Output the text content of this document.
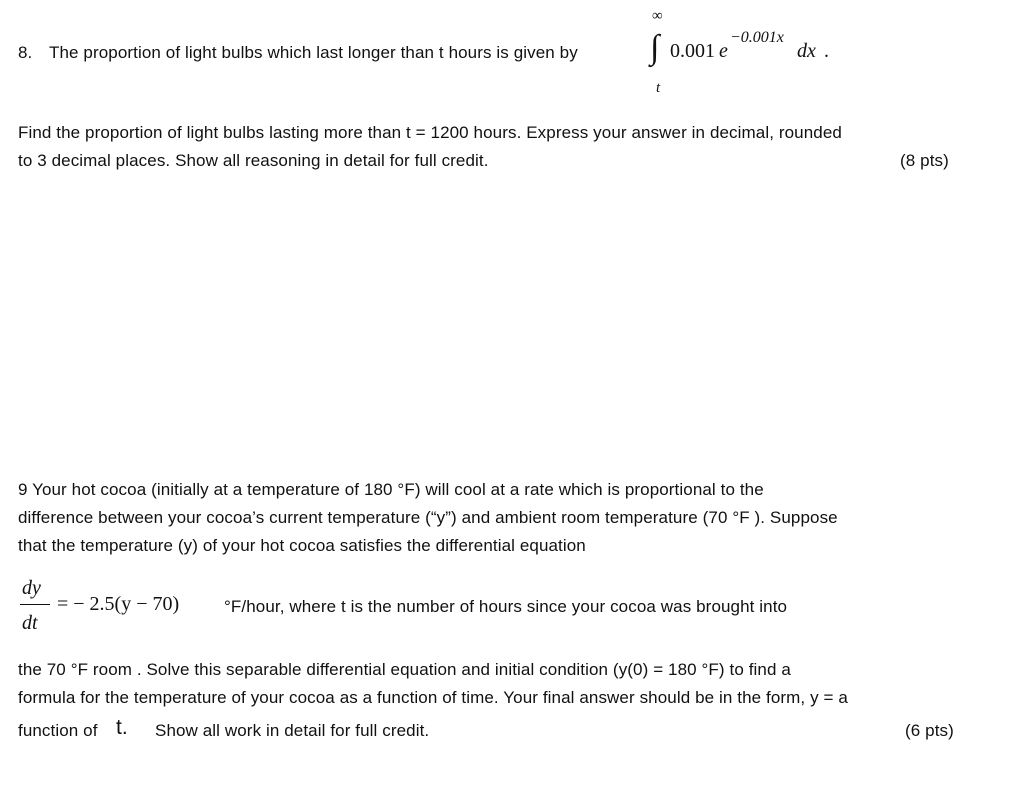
8. The proportion of light bulbs which last longer than t hours is given by
∞
∫
t
0.001 e
−0.001x
dx .
Find the proportion of light bulbs lasting more than t = 1200 hours. Express your answer in decimal, rounded
to 3 decimal places. Show all reasoning in detail for full credit.	(8 pts)
9 Your hot cocoa (initially at a temperature of 180 °F) will cool at a rate which is proportional to the
difference between your cocoa’s current temperature (“y”) and ambient room temperature (70 °F ). Suppose
that the temperature (y) of your hot cocoa satisfies the differential equation
dy
dt
= − 2.5(y − 70)	°F/hour, where t is the number of hours since your cocoa was brought into
the 70 °F room . Solve this separable differential equation and initial condition (y(0) = 180 °F) to find a
formula for the temperature of your cocoa as a function of time. Your final answer should be in the form, y = a
function of t. Show all work in detail for full credit.	(6 pts)
